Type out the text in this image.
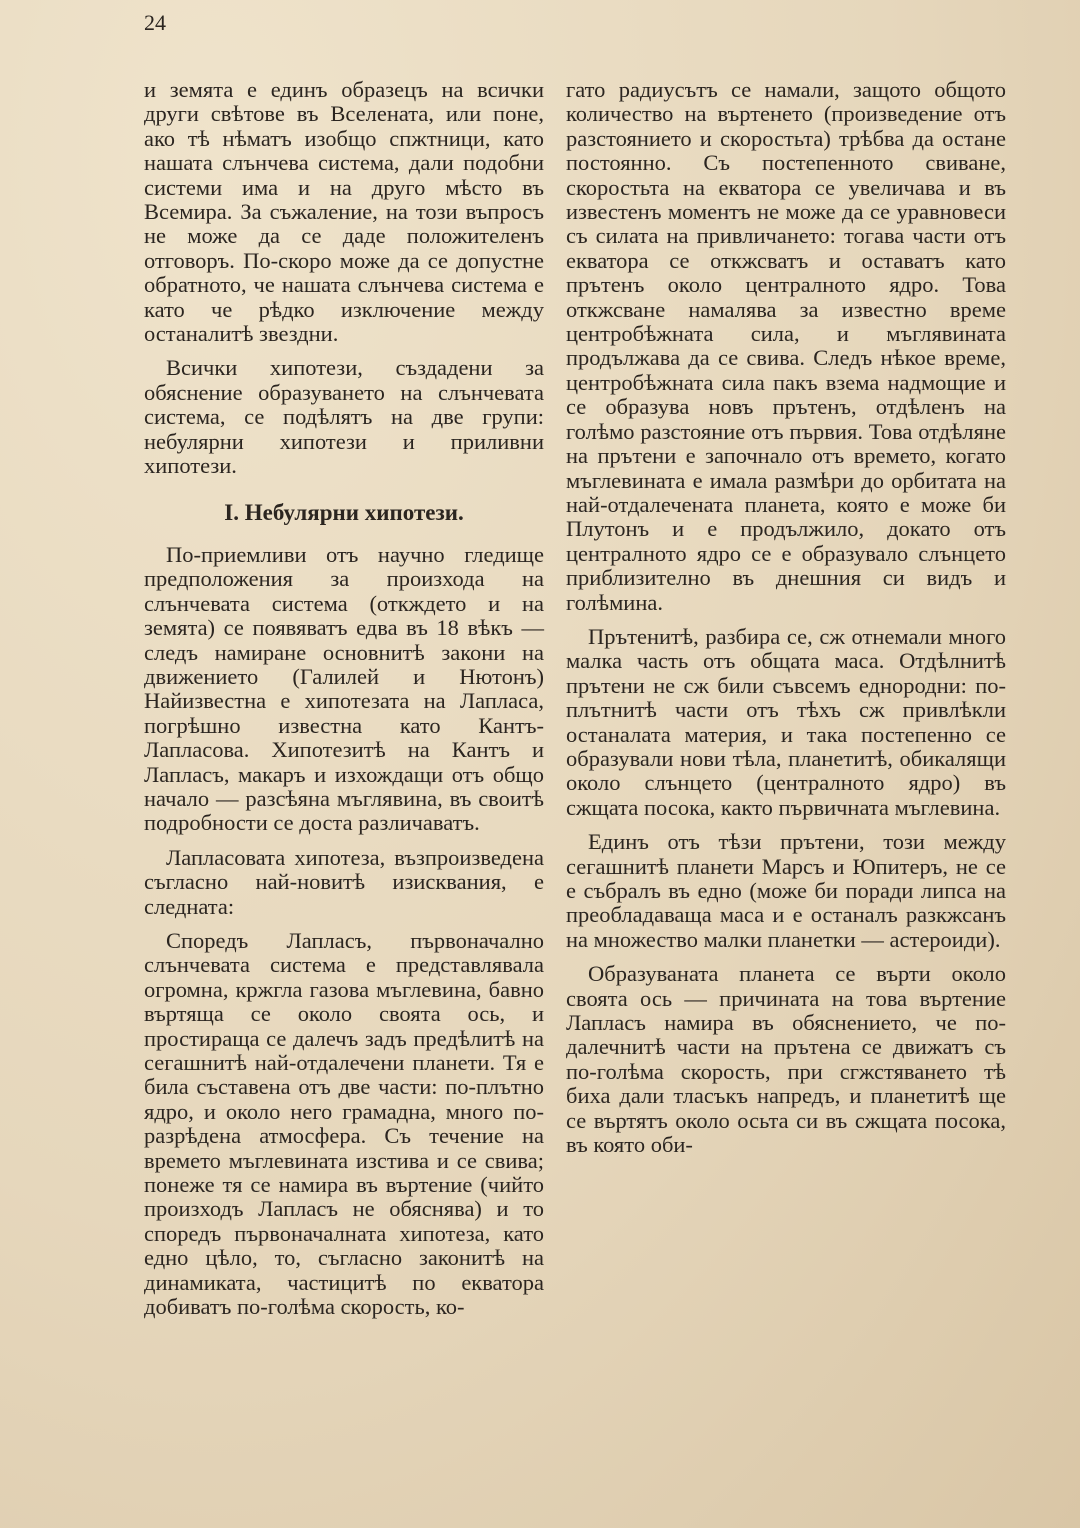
24

и земята е единъ образецъ на всички други свѣтове въ Вселената, или поне, ако тѣ нѣматъ изобщо спжтници, като нашата слънчева система, дали подобни системи има и на друго мѣсто въ Всемира. За съжаление, на този въпросъ не може да се даде положителенъ отговоръ. По-скоро може да се допустне обратното, че нашата слънчева система е като че рѣдко изключение между останалитѣ звездни.

Всички хипотези, създадени за обяснение образуването на слънчевата система, се подѣлятъ на две групи: небулярни хипотези и приливни хипотези.

I. Небулярни хипотези.

По-приемливи отъ научно гледище предположения за произхода на слънчевата система (откждето и на земята) се появяватъ едва въ 18 вѣкъ — следъ намиране основнитѣ закони на движението (Галилей и Нютонъ) Найизвестна е хипотезата на Лапласа, погрѣшно известна като Кантъ-Лапласова. Хипотезитѣ на Кантъ и Лапласъ, макаръ и изхождащи отъ общо начало — разсѣяна мъглявина, въ своитѣ подробности се доста различаватъ.

Лапласовата хипотеза, възпроизведена съгласно най-новитѣ изисквания, е следната:

Споредъ Лапласъ, първоначално слънчевата система е представлявала огромна, кржгла газова мъглевина, бавно въртяща се около своята ось, и простираща се далечъ задъ предѣлитѣ на сегашнитѣ най-отдалечени планети. Тя е била съставена отъ две части: по-плътно ядро, и около него грамадна, много по-разрѣдена атмосфера. Съ течение на времето мъглевината изстива и се свива; понеже тя се намира въ въртение (чийто произходъ Лапласъ не обяснява) и то споредъ първоначалната хипотеза, като едно цѣло, то, съгласно законитѣ на динамиката, частицитѣ по екватора добиватъ по-голѣма скорость, ко-

гато радиусътъ се намали, защото общото количество на въртенето (произведение отъ разстоянието и скоростьта) трѣбва да остане постоянно. Съ постепенното свиване, скоростьта на екватора се увеличава и въ известенъ моментъ не може да се уравновеси съ силата на привличането: тогава части отъ екватора се откжсватъ и оставатъ като прътенъ около централното ядро. Това откжсване намалява за известно време центробѣжната сила, и мъглявината продължава да се свива. Следъ нѣкое време, центробѣжната сила пакъ взема надмощие и се образува новъ прътенъ, отдѣленъ на голѣмо разстояние отъ първия. Това отдѣляне на прътени е започнало отъ времето, когато мъглевината е имала размѣри до орбитата на най-отдалечената планета, която е може би Плутонъ и е продължило, докато отъ централното ядро се е образувало слънцето приблизително въ днешния си видъ и голѣмина.

Прътенитѣ, разбира се, сж отнемали много малка часть отъ общата маса. Отдѣлнитѣ прътени не сж били съвсемъ еднородни: по-плътнитѣ части отъ тѣхъ сж привлѣкли останалата материя, и така постепенно се образували нови тѣла, планетитѣ, обикалящи около слънцето (централното ядро) въ сжщата посока, както първичната мъглевина.

Единъ отъ тѣзи прътени, този между сегашнитѣ планети Марсъ и Юпитеръ, не се е събралъ въ едно (може би поради липса на преобладаваща маса и е останалъ разкжсанъ на множество малки планетки — астероиди).

Образуваната планета се върти около своята ось — причината на това въртение Лапласъ намира въ обяснението, че по-далечнитѣ части на прътена се движатъ съ по-голѣма скорость, при сгжстяването тѣ биха дали тласъкъ напредъ, и планетитѣ ще се въртятъ около осьта си въ сжщата посока, въ която оби-
